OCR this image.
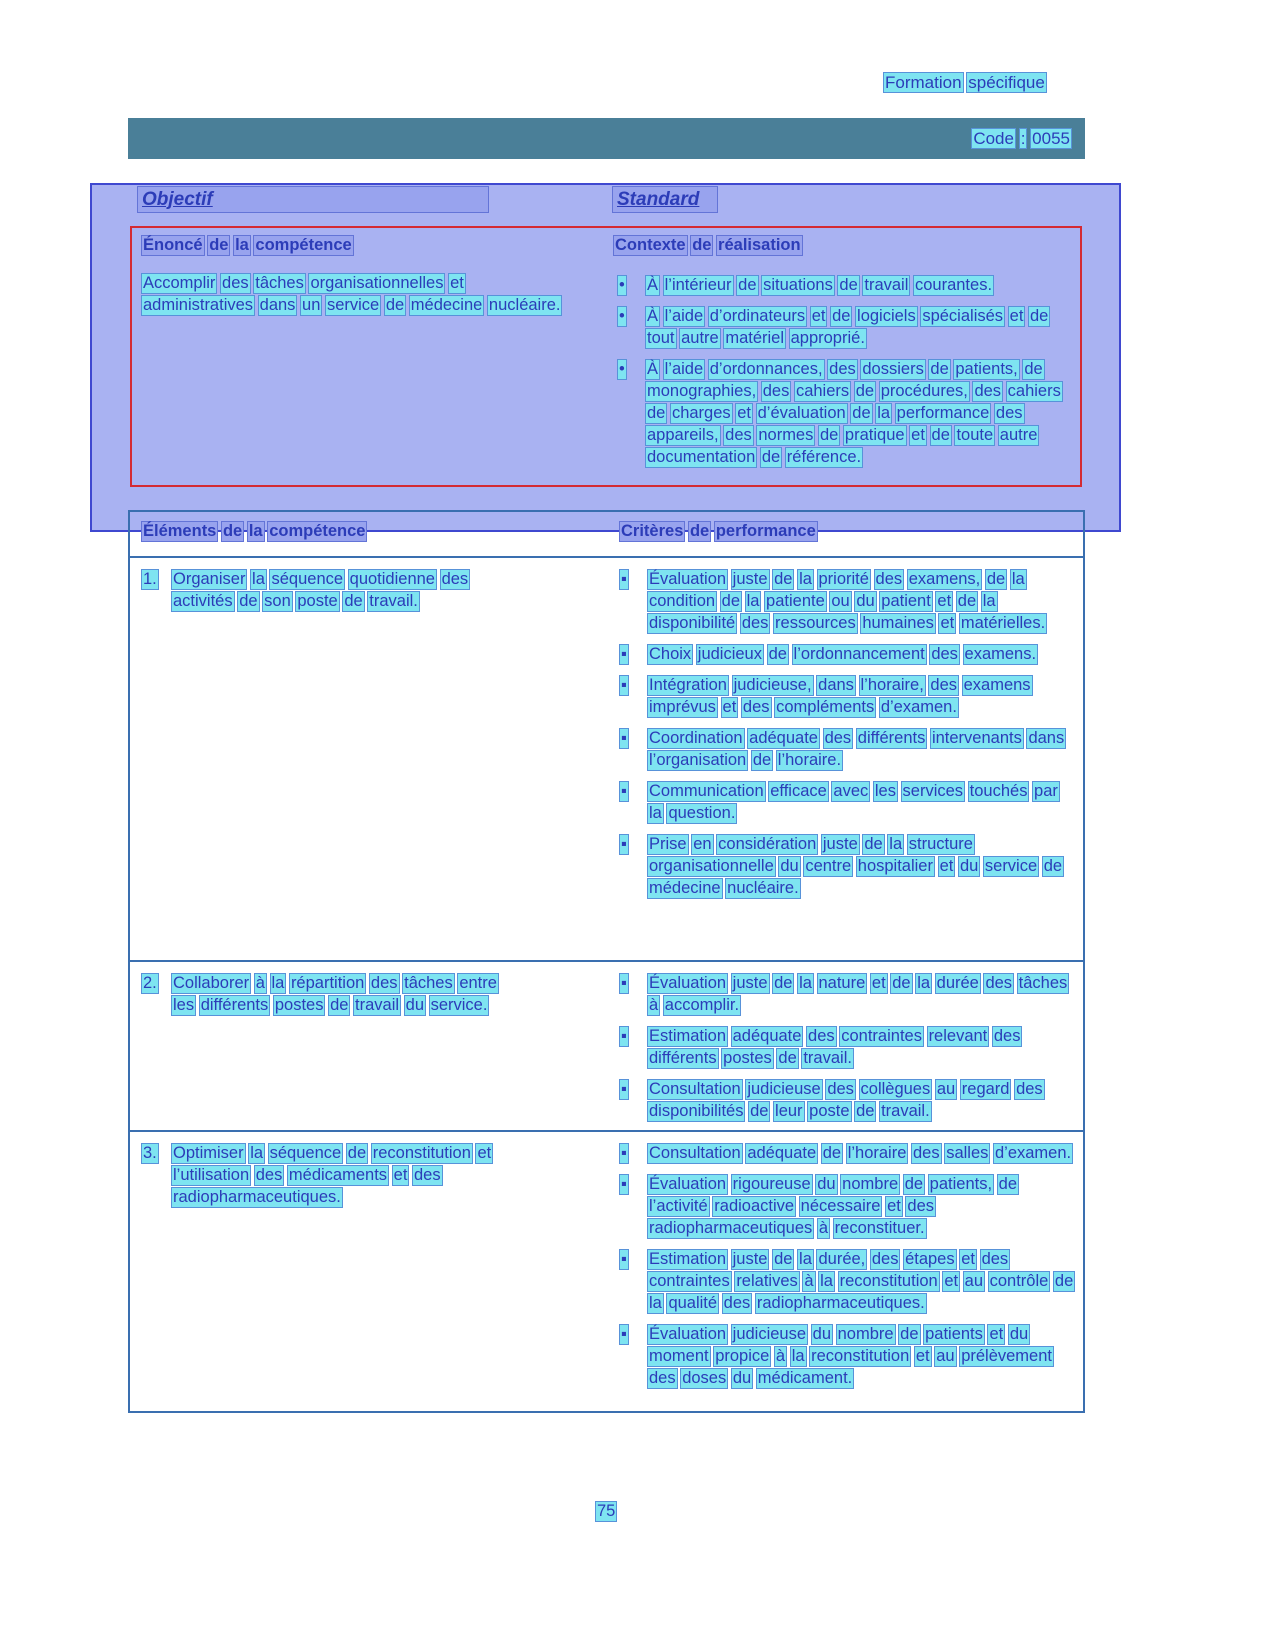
Formation spécifique
Code : 0055
Objectif	Standard
Énoncé de la compétence	Contexte de réalisation
Accomplir des tâches organisationnelles et administratives dans un service de médecine nucléaire.
•	À l’intérieur de situations de travail courantes.
•	À l’aide d’ordinateurs et de logiciels spécialisés et de tout autre matériel approprié.
•	À l’aide d’ordonnances, des dossiers de patients, de monographies, des cahiers de procédures, des cahiers de charges et d’évaluation de la performance des appareils, des normes de pratique et de toute autre documentation de référence.
Éléments de la compétence	Critères de performance
1. Organiser la séquence quotidienne des activités de son poste de travail.
▪	Évaluation juste de la priorité des examens, de la condition de la patiente ou du patient et de la disponibilité des ressources humaines et matérielles.
▪	Choix judicieux de l’ordonnancement des examens.
▪	Intégration judicieuse, dans l’horaire, des examens imprévus et des compléments d’examen.
▪	Coordination adéquate des différents intervenants dans l’organisation de l’horaire.
▪	Communication efficace avec les services touchés par la question.
▪	Prise en considération juste de la structure organisationnelle du centre hospitalier et du service de médecine nucléaire.
2. Collaborer à la répartition des tâches entre les différents postes de travail du service.
▪	Évaluation juste de la nature et de la durée des tâches à accomplir.
▪	Estimation adéquate des contraintes relevant des différents postes de travail.
▪	Consultation judicieuse des collègues au regard des disponibilités de leur poste de travail.
3. Optimiser la séquence de reconstitution et l’utilisation des médicaments et des radiopharmaceutiques.
▪	Consultation adéquate de l’horaire des salles d’examen.
▪	Évaluation rigoureuse du nombre de patients, de l’activité radioactive nécessaire et des radiopharmaceutiques à reconstituer.
▪	Estimation juste de la durée, des étapes et des contraintes relatives à la reconstitution et au contrôle de la qualité des radiopharmaceutiques.
▪	Évaluation judicieuse du nombre de patients et du moment propice à la reconstitution et au prélèvement des doses du médicament.
75
